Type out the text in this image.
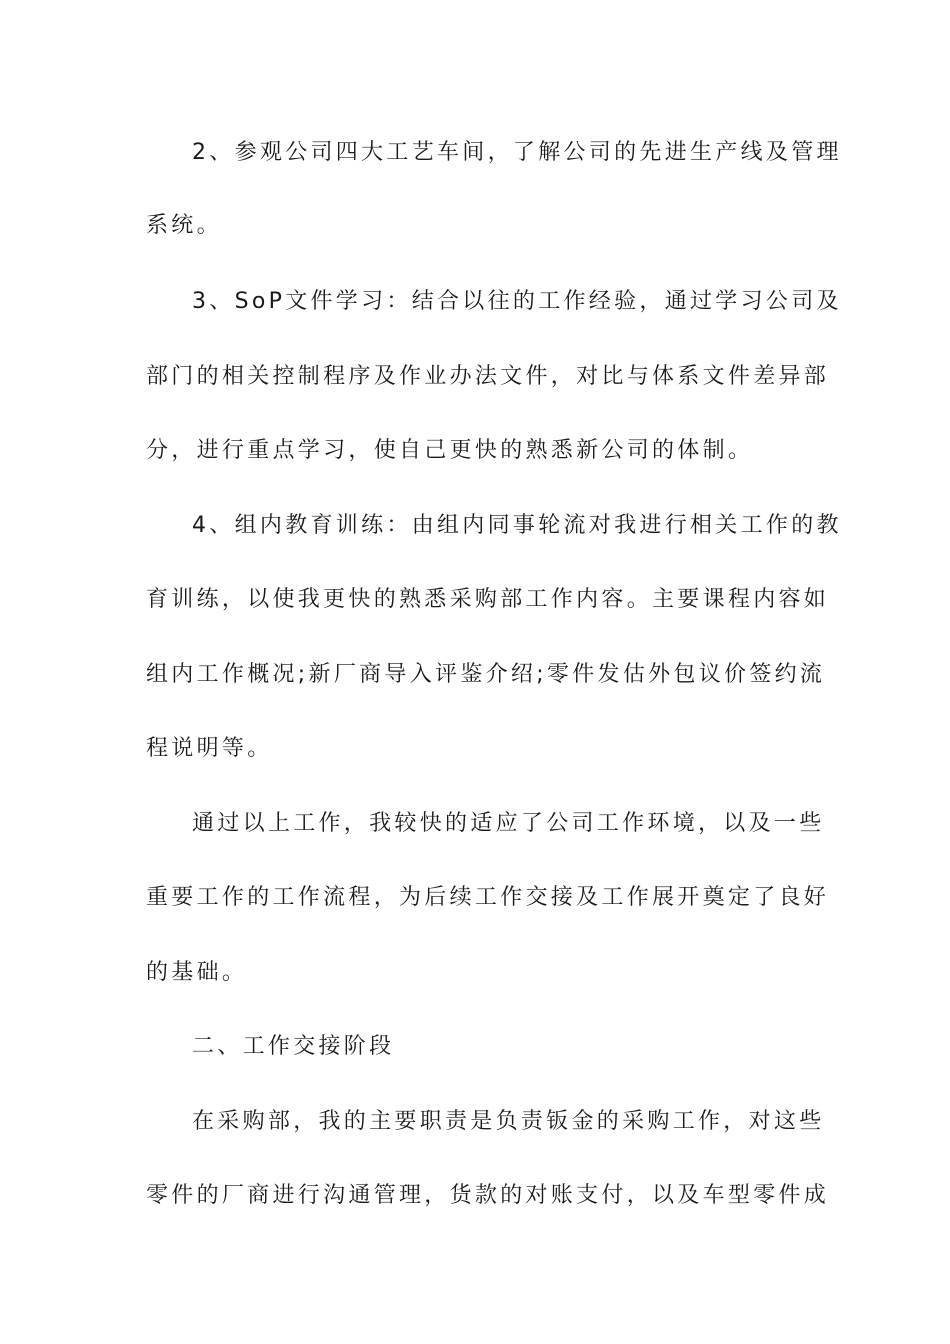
2、参观公司四大工艺车间，了解公司的先进生产线及管理
系统。
3、SoP文件学习：结合以往的工作经验，通过学习公司及
部门的相关控制程序及作业办法文件，对比与体系文件差异部
分，进行重点学习，使自己更快的熟悉新公司的体制。
4、组内教育训练：由组内同事轮流对我进行相关工作的教
育训练，以使我更快的熟悉采购部工作内容。主要课程内容如
组内工作概况;新厂商导入评鉴介绍;零件发估外包议价签约流
程说明等。
通过以上工作，我较快的适应了公司工作环境，以及一些
重要工作的工作流程，为后续工作交接及工作展开奠定了良好
的基础。
二、工作交接阶段
在采购部，我的主要职责是负责钣金的采购工作，对这些
零件的厂商进行沟通管理，货款的对账支付，以及车型零件成
